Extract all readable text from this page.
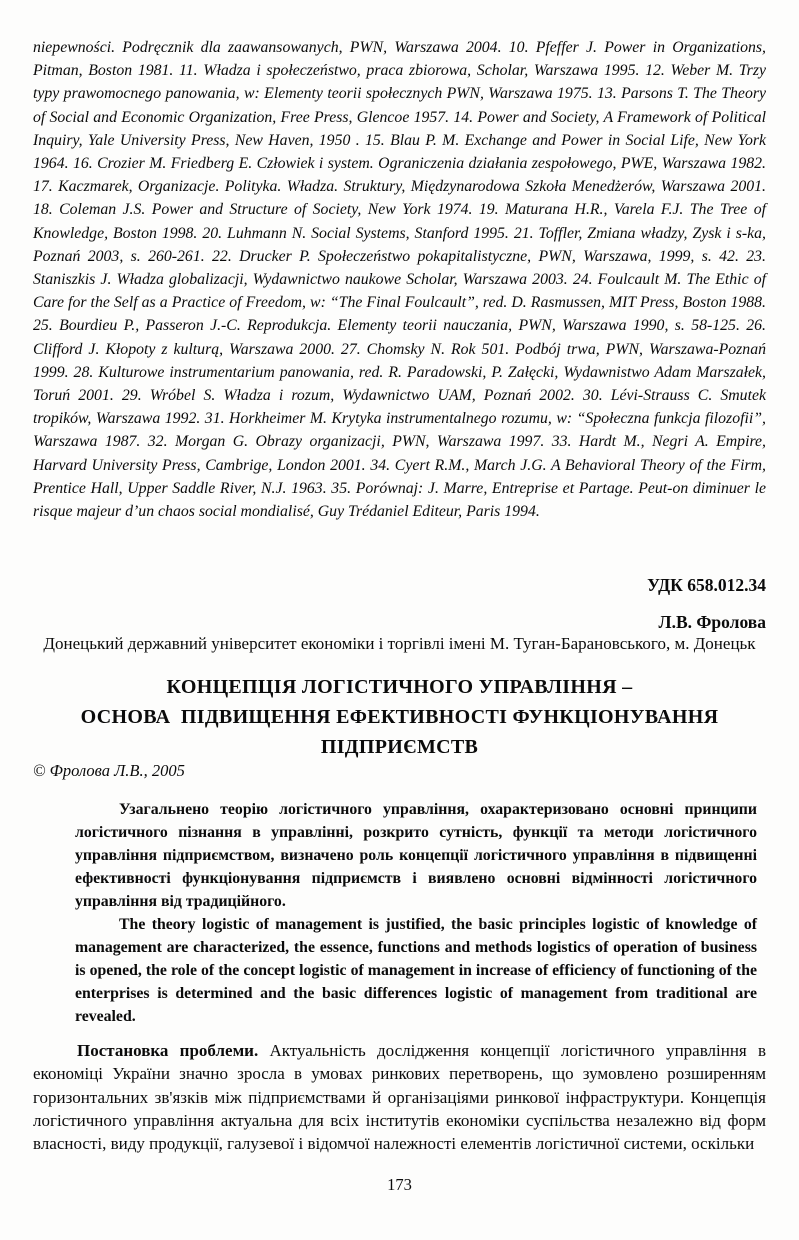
niepewności. Podręcznik dla zaawansowanych, PWN, Warszawa 2004. 10. Pfeffer J. Power in Organizations, Pitman, Boston 1981. 11. Władza i społeczeństwo, praca zbiorowa, Scholar, Warszawa 1995. 12. Weber M. Trzy typy prawomocnego panowania, w: Elementy teorii społecznych PWN, Warszawa 1975. 13. Parsons T. The Theory of Social and Economic Organization, Free Press, Glencoe 1957. 14. Power and Society, A Framework of Political Inquiry, Yale University Press, New Haven, 1950 . 15. Blau P. M. Exchange and Power in Social Life, New York 1964. 16. Crozier M. Friedberg E. Człowiek i system. Ograniczenia działania zespołowego, PWE, Warszawa 1982. 17. Kaczmarek, Organizacje. Polityka. Władza. Struktury, Międzynarodowa Szkoła Menedżerów, Warszawa 2001. 18. Coleman J.S. Power and Structure of Society, New York 1974. 19. Maturana H.R., Varela F.J. The Tree of Knowledge, Boston 1998. 20. Luhmann N. Social Systems, Stanford 1995. 21. Toffler, Zmiana władzy, Zysk i s-ka, Poznań 2003, s. 260-261. 22. Drucker P. Społeczeństwo pokapitalistyczne, PWN, Warszawa, 1999, s. 42. 23. Staniszkis J. Władza globalizacji, Wydawnictwo naukowe Scholar, Warszawa 2003. 24. Foulcault M. The Ethic of Care for the Self as a Practice of Freedom, w: “The Final Foulcault”, red. D. Rasmussen, MIT Press, Boston 1988. 25. Bourdieu P., Passeron J.-C. Reprodukcja. Elementy teorii nauczania, PWN, Warszawa 1990, s. 58-125. 26. Clifford J. Kłopoty z kulturą, Warszawa 2000. 27. Chomsky N. Rok 501. Podbój trwa, PWN, Warszawa-Poznań 1999. 28. Kulturowe instrumentarium panowania, red. R. Paradowski, P. Załęcki, Wydawnistwo Adam Marszałek, Toruń 2001. 29. Wróbel S. Władza i rozum, Wydawnictwo UAM, Poznań 2002. 30. Lévi-Strauss C. Smutek tropików, Warszawa 1992. 31. Horkheimer M. Krytyka instrumentalnego rozumu, w: “Społeczna funkcja filozofii”, Warszawa 1987. 32. Morgan G. Obrazy organizacji, PWN, Warszawa 1997. 33. Hardt M., Negri A. Empire, Harvard University Press, Cambrige, London 2001. 34. Cyert R.M., March J.G. A Behavioral Theory of the Firm, Prentice Hall, Upper Saddle River, N.J. 1963. 35. Porównaj: J. Marre, Entreprise et Partage. Peut-on diminuer le risque majeur d’un chaos social mondialisé, Guy Trédaniel Editeur, Paris 1994.

УДК 658.012.34
Л.В. Фролова
Донецький державний університет економіки і торгівлі імені М. Туган-Барановського, м. Донецьк
КОНЦЕПЦІЯ ЛОГІСТИЧНОГО УПРАВЛІННЯ –
ОСНОВА  ПІДВИЩЕННЯ ЕФЕКТИВНОСТІ ФУНКЦІОНУВАННЯ
ПІДПРИЄМСТВ
© Фролова Л.В., 2005

Узагальнено теорію логістичного управління, охарактеризовано основні принципи логістичного пізнання в управлінні, розкрито сутність, функції та методи логістичного управління підприємством, визначено роль концепції логістичного управління в підвищенні ефективності функціонування підприємств і виявлено основні відмінності логістичного управління від традиційного.

The theory logistic of management is justified, the basic principles logistic of knowledge of management are characterized, the essence, functions and methods logistics of operation of business is opened, the role of the concept logistic of management in increase of efficiency of functioning of the enterprises is determined and the basic differences logistic of management from traditional are revealed.

Постановка проблеми. Актуальність дослідження концепції логістичного управління в економіці України значно зросла в умовах ринкових перетворень, що зумовлено розширенням горизонтальних зв'язків між підприємствами й організаціями ринкової інфраструктури. Концепція логістичного управління актуальна для всіх інститутів економіки суспільства незалежно від форм власності, виду продукції, галузевої і відомчої належності елементів логістичної системи, оскільки

173
